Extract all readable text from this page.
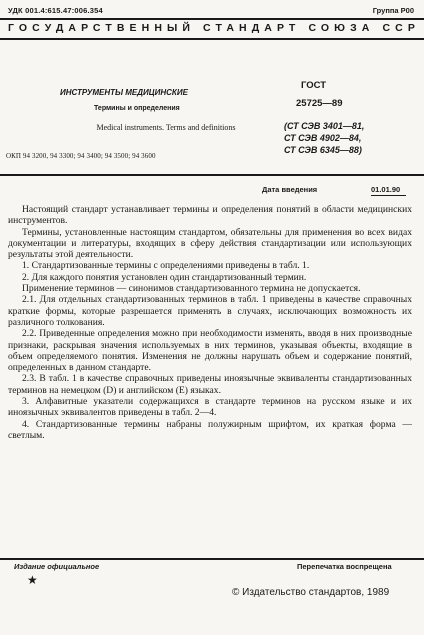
УДК 001.4:615.47:006.354	Группа Р00
ГОСУДАРСТВЕННЫЙ СТАНДАРТ СОЮЗА ССР
ИНСТРУМЕНТЫ МЕДИЦИНСКИЕ
Термины и определения
Medical instruments. Terms and definitions
ОКП 94 3200, 94 3300; 94 3400; 94 3500; 94 3600
ГОСТ
25725—89
(СТ СЭВ 3401—81,
СТ СЭВ 4902—84,
СТ СЭВ 6345—88)
Дата введения	01.01.90

Настоящий стандарт устанавливает термины и определения понятий в области медицинских инструментов.

Термины, установленные настоящим стандартом, обязательны для применения во всех видах документации и литературы, входящих в сферу действия стандартизации или использующих результаты этой деятельности.

1. Стандартизованные термины с определениями приведены в табл. 1.

2. Для каждого понятия установлен один стандартизованный термин.

Применение терминов — синонимов стандартизованного термина не допускается.

2.1. Для отдельных стандартизованных терминов в табл. 1 приведены в качестве справочных краткие формы, которые разрешается применять в случаях, исключающих возможность их различного толкования.

2.2. Приведенные определения можно при необходимости изменять, вводя в них производные признаки, раскрывая значения используемых в них терминов, указывая объекты, входящие в объем определяемого понятия. Изменения не должны нарушать объем и содержание понятий, определенных в данном стандарте.

2.3. В табл. 1 в качестве справочных приведены иноязычные эквиваленты стандартизованных терминов на немецком (D) и английском (Е) языках.

3. Алфавитные указатели содержащихся в стандарте терминов на русском языке и их иноязычных эквивалентов приведены в табл. 2—4.

4. Стандартизованные термины набраны полужирным шрифтом, их краткая форма — светлым.

Издание официальное	Перепечатка воспрещена
★
© Издательство стандартов, 1989
